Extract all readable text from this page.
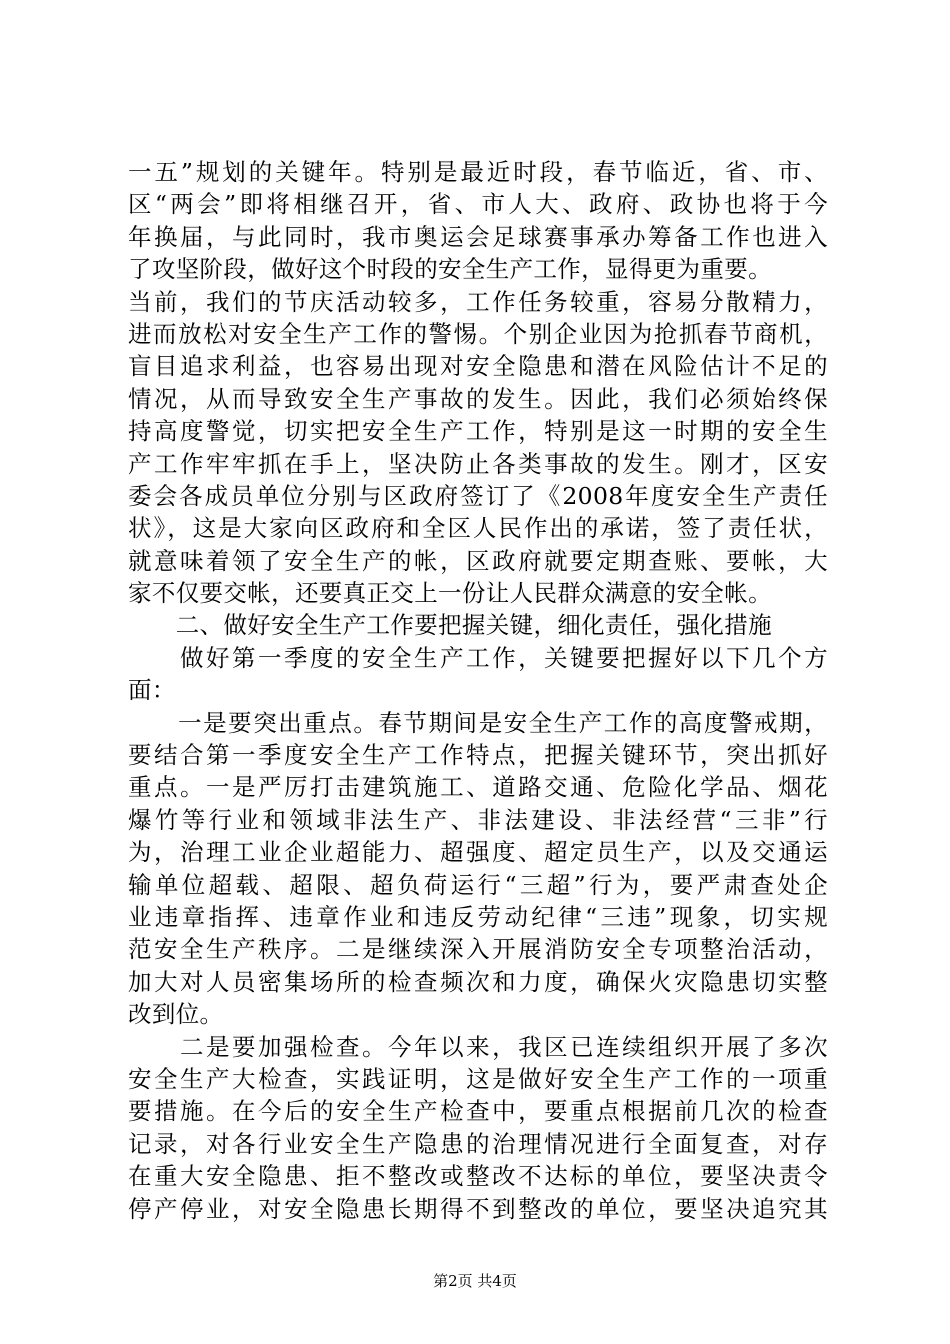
一五”规划的关键年。特别是最近时段，春节临近，省、市、
区“两会”即将相继召开，省、市人大、政府、政协也将于今
年换届，与此同时，我市奥运会足球赛事承办筹备工作也进入
了攻坚阶段，做好这个时段的安全生产工作，显得更为重要。
当前，我们的节庆活动较多，工作任务较重，容易分散精力，
进而放松对安全生产工作的警惕。个别企业因为抢抓春节商机，
盲目追求利益，也容易出现对安全隐患和潜在风险估计不足的
情况，从而导致安全生产事故的发生。因此，我们必须始终保
持高度警觉，切实把安全生产工作，特别是这一时期的安全生
产工作牢牢抓在手上，坚决防止各类事故的发生。刚才，区安
委会各成员单位分别与区政府签订了《2008年度安全生产责任
状》，这是大家向区政府和全区人民作出的承诺，签了责任状，
就意味着领了安全生产的帐，区政府就要定期查账、要帐，大
家不仅要交帐，还要真正交上一份让人民群众满意的安全帐。
　　二、做好安全生产工作要把握关键，细化责任，强化措施
　　做好第一季度的安全生产工作，关键要把握好以下几个方
面：
　　一是要突出重点。春节期间是安全生产工作的高度警戒期，
要结合第一季度安全生产工作特点，把握关键环节，突出抓好
重点。一是严厉打击建筑施工、道路交通、危险化学品、烟花
爆竹等行业和领域非法生产、非法建设、非法经营“三非”行
为，治理工业企业超能力、超强度、超定员生产，以及交通运
输单位超载、超限、超负荷运行“三超”行为，要严肃查处企
业违章指挥、违章作业和违反劳动纪律“三违”现象，切实规
范安全生产秩序。二是继续深入开展消防安全专项整治活动，
加大对人员密集场所的检查频次和力度，确保火灾隐患切实整
改到位。
　　二是要加强检查。今年以来，我区已连续组织开展了多次
安全生产大检查，实践证明，这是做好安全生产工作的一项重
要措施。在今后的安全生产检查中，要重点根据前几次的检查
记录，对各行业安全生产隐患的治理情况进行全面复查，对存
在重大安全隐患、拒不整改或整改不达标的单位，要坚决责令
停产停业，对安全隐患长期得不到整改的单位，要坚决追究其
第2页 共4页
